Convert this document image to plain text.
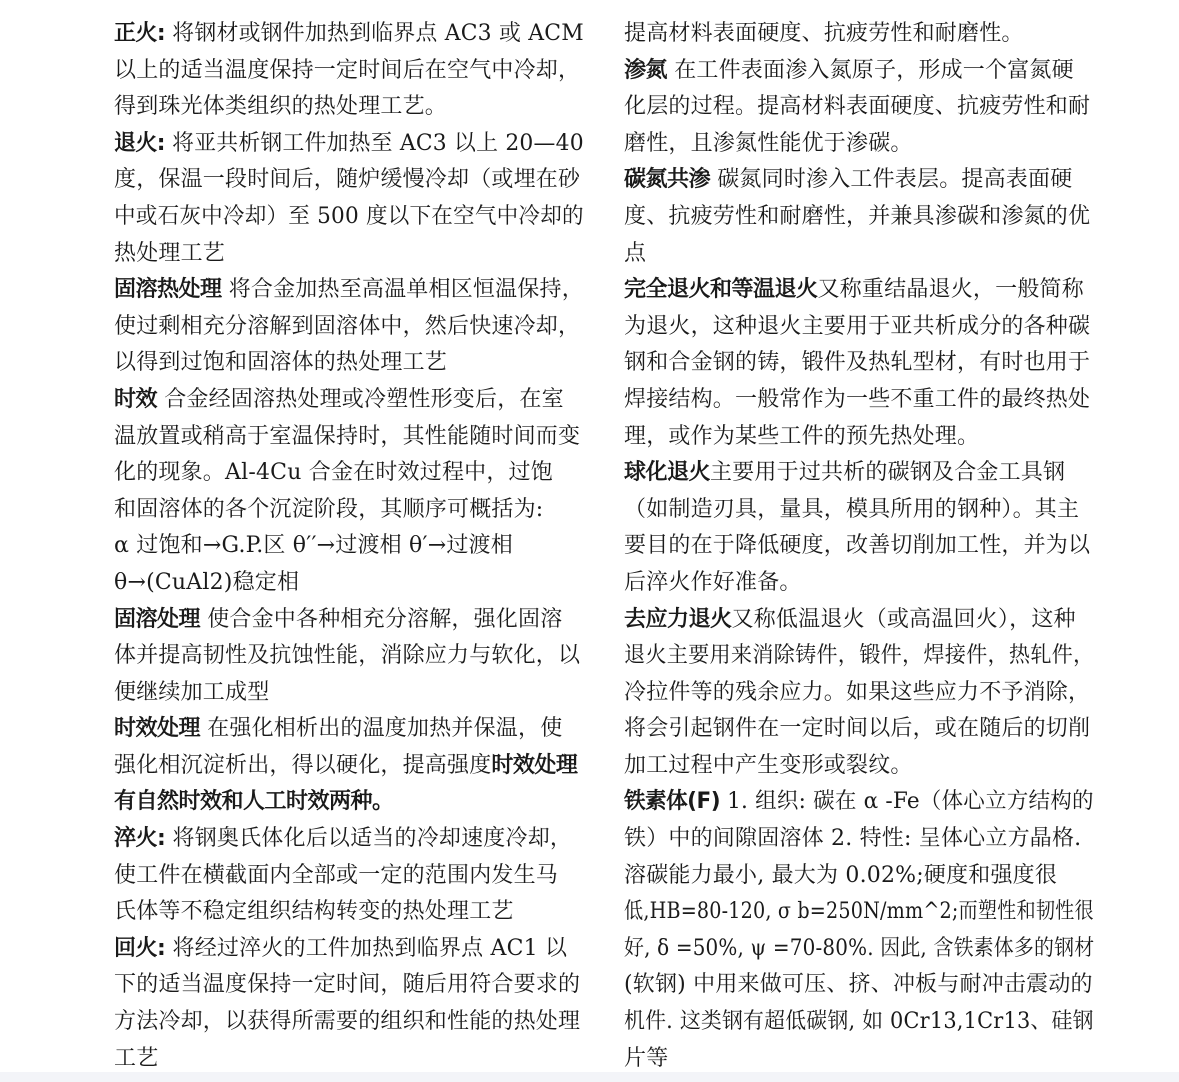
正火: 将钢材或钢件加热到临界点 AC3 或 ACM
以上的适当温度保持一定时间后在空气中冷却，
得到珠光体类组织的热处理工艺。
退火: 将亚共析钢工件加热至 AC3 以上 20—40
度，保温一段时间后，随炉缓慢冷却（或埋在砂
中或石灰中冷却）至 500 度以下在空气中冷却的
热处理工艺
固溶热处理 将合金加热至高温单相区恒温保持，
使过剩相充分溶解到固溶体中，然后快速冷却，
以得到过饱和固溶体的热处理工艺
时效 合金经固溶热处理或冷塑性形变后，在室
温放置或稍高于室温保持时，其性能随时间而变
化的现象。Al-4Cu 合金在时效过程中，过饱
和固溶体的各个沉淀阶段，其顺序可概括为:
α 过饱和→G.P.区 θ′′→过渡相 θ′→过渡相
θ→(CuAl2)稳定相
固溶处理 使合金中各种相充分溶解，强化固溶
体并提高韧性及抗蚀性能，消除应力与软化，以
便继续加工成型
时效处理 在强化相析出的温度加热并保温，使
强化相沉淀析出，得以硬化，提高强度时效处理
有自然时效和人工时效两种。
淬火: 将钢奥氏体化后以适当的冷却速度冷却，
使工件在横截面内全部或一定的范围内发生马
氏体等不稳定组织结构转变的热处理工艺
回火: 将经过淬火的工件加热到临界点 AC1 以
下的适当温度保持一定时间，随后用符合要求的
方法冷却，以获得所需要的组织和性能的热处理
工艺
提高材料表面硬度、抗疲劳性和耐磨性。
渗氮 在工件表面渗入氮原子，形成一个富氮硬
化层的过程。提高材料表面硬度、抗疲劳性和耐
磨性，且渗氮性能优于渗碳。
碳氮共渗 碳氮同时渗入工件表层。提高表面硬
度、抗疲劳性和耐磨性，并兼具渗碳和渗氮的优
点
完全退火和等温退火又称重结晶退火，一般简称
为退火，这种退火主要用于亚共析成分的各种碳
钢和合金钢的铸，锻件及热轧型材，有时也用于
焊接结构。一般常作为一些不重工件的最终热处
理，或作为某些工件的预先热处理。
球化退火主要用于过共析的碳钢及合金工具钢
（如制造刃具，量具，模具所用的钢种）。其主
要目的在于降低硬度，改善切削加工性，并为以
后淬火作好准备。
去应力退火又称低温退火（或高温回火），这种
退火主要用来消除铸件，锻件，焊接件，热轧件，
冷拉件等的残余应力。如果这些应力不予消除，
将会引起钢件在一定时间以后，或在随后的切削
加工过程中产生变形或裂纹。
铁素体(F) 1. 组织: 碳在 α -Fe（体心立方结构的
铁）中的间隙固溶体 2. 特性: 呈体心立方晶格.
溶碳能力最小, 最大为 0.02%;硬度和强度很
低,HB=80-120, σ b=250N/mm^2;而塑性和韧性很
好, δ =50%, ψ =70-80%. 因此, 含铁素体多的钢材
(软钢) 中用来做可压、挤、冲板与耐冲击震动的
机件. 这类钢有超低碳钢, 如 0Cr13,1Cr13、硅钢
片等
